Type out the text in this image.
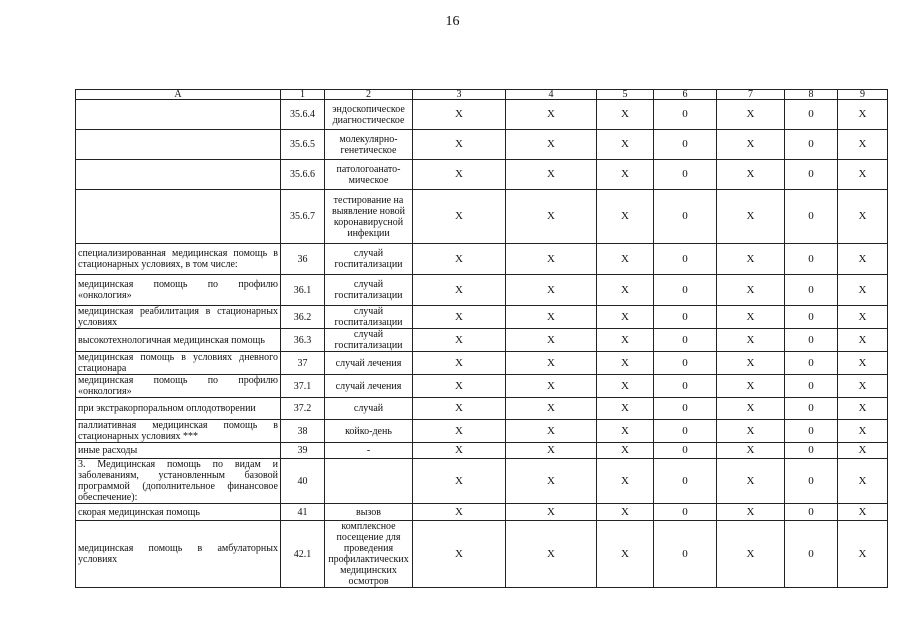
16
A	1	2	3	4	5	6	7	8	9
	35.6.4	эндоскопическое диагностическое	X	X	X	0	X	0	X
	35.6.5	молекулярно-генетическое	X	X	X	0	X	0	X
	35.6.6	патологоанато-мическое	X	X	X	0	X	0	X
	35.6.7	тестирование на выявление новой коронавирусной инфекции	X	X	X	0	X	0	X
специализированная медицинская помощь в стационарных условиях, в том числе:	36	случай госпитализации	X	X	X	0	X	0	X
медицинская помощь по профилю «онкология»	36.1	случай госпитализации	X	X	X	0	X	0	X
медицинская реабилитация в стационарных условиях	36.2	случай госпитализации	X	X	X	0	X	0	X
высокотехнологичная медицинская помощь	36.3	случай госпитализации	X	X	X	0	X	0	X
медицинская помощь в условиях дневного стационара	37	случай лечения	X	X	X	0	X	0	X
медицинская помощь по профилю «онкология»	37.1	случай лечения	X	X	X	0	X	0	X
при экстракорпоральном оплодотворении	37.2	случай	X	X	X	0	X	0	X
паллиативная медицинская помощь в стационарных условиях ***	38	койко-день	X	X	X	0	X	0	X
иные расходы	39	-	X	X	X	0	X	0	X
3. Медицинская помощь по видам и заболеваниям, установленным базовой программой (дополнительное финансовое обеспечение):	40		X	X	X	0	X	0	X
скорая медицинская помощь	41	вызов	X	X	X	0	X	0	X
медицинская помощь в амбулаторных условиях	42.1	комплексное посещение для проведения профилактических медицинских осмотров	X	X	X	0	X	0	X
